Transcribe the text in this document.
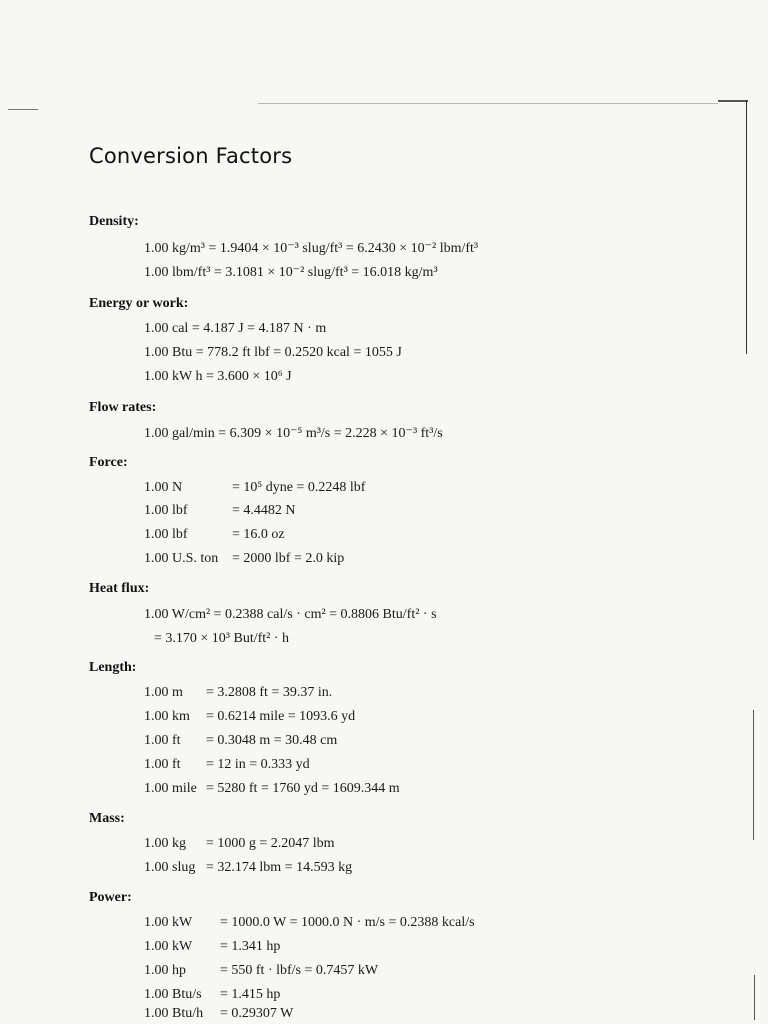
Conversion Factors
Density:
1.00 kg/m³ = 1.9404 × 10⁻³ slug/ft³ = 6.2430 × 10⁻² lbm/ft³
1.00 lbm/ft³ = 3.1081 × 10⁻² slug/ft³ = 16.018 kg/m³
Energy or work:
1.00 cal = 4.187 J = 4.187 N · m
1.00 Btu = 778.2 ft lbf = 0.2520 kcal = 1055 J
1.00 kW h = 3.600 × 10⁶ J
Flow rates:
1.00 gal/min = 6.309 × 10⁻⁵ m³/s = 2.228 × 10⁻³ ft³/s
Force:
1.00 N	= 10⁵ dyne = 0.2248 lbf
1.00 lbf	= 4.4482 N
1.00 lbf	= 16.0 oz
1.00 U.S. ton = 2000 lbf = 2.0 kip
Heat flux:
1.00 W/cm² = 0.2388 cal/s · cm² = 0.8806 Btu/ft² · s
= 3.170 × 10³ But/ft² · h
Length:
1.00 m = 3.2808 ft = 39.37 in.
1.00 km = 0.6214 mile = 1093.6 yd
1.00 ft = 0.3048 m = 30.48 cm
1.00 ft = 12 in = 0.333 yd
1.00 mile = 5280 ft = 1760 yd = 1609.344 m
Mass:
1.00 kg = 1000 g = 2.2047 lbm
1.00 slug = 32.174 lbm = 14.593 kg
Power:
1.00 kW = 1000.0 W = 1000.0 N · m/s = 0.2388 kcal/s
1.00 kW = 1.341 hp
1.00 hp = 550 ft · lbf/s = 0.7457 kW
1.00 Btu/s = 1.415 hp
1.00 Btu/h = 0.29307 W
